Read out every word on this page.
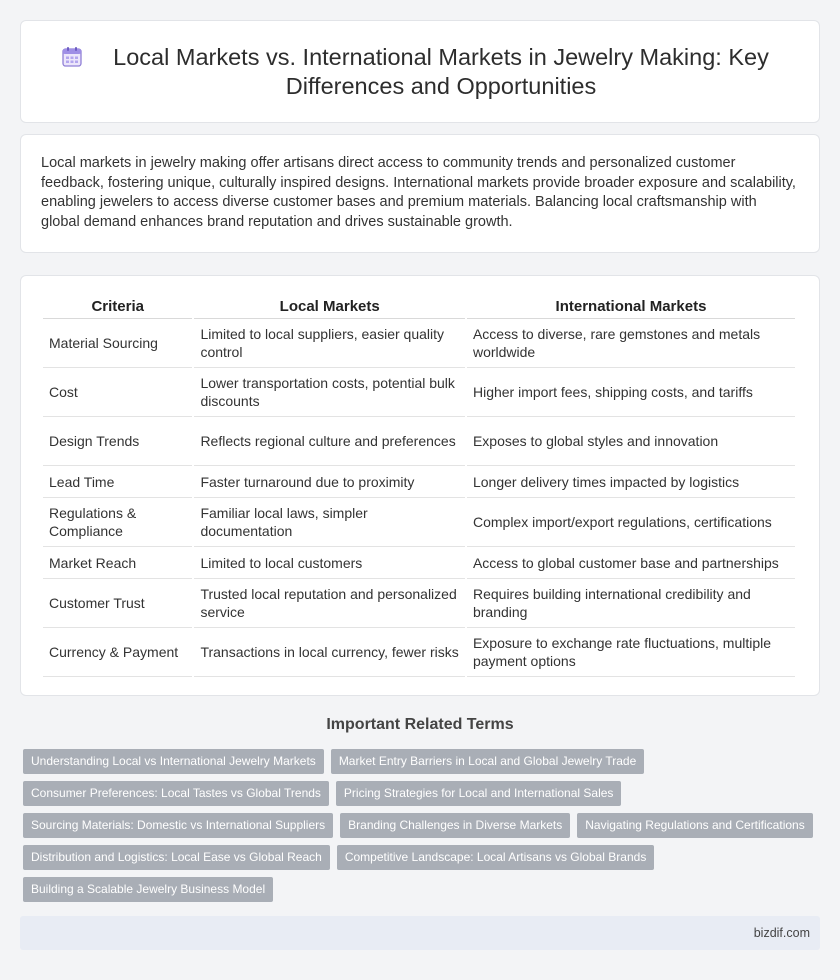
Local Markets vs. International Markets in Jewelry Making: Key Differences and Opportunities

Local markets in jewelry making offer artisans direct access to community trends and personalized customer feedback, fostering unique, culturally inspired designs. International markets provide broader exposure and scalability, enabling jewelers to access diverse customer bases and premium materials. Balancing local craftsmanship with global demand enhances brand reputation and drives sustainable growth.

Criteria	Local Markets	International Markets
Material Sourcing	Limited to local suppliers, easier quality control	Access to diverse, rare gemstones and metals worldwide
Cost	Lower transportation costs, potential bulk discounts	Higher import fees, shipping costs, and tariffs
Design Trends	Reflects regional culture and preferences	Exposes to global styles and innovation
Lead Time	Faster turnaround due to proximity	Longer delivery times impacted by logistics
Regulations & Compliance	Familiar local laws, simpler documentation	Complex import/export regulations, certifications
Market Reach	Limited to local customers	Access to global customer base and partnerships
Customer Trust	Trusted local reputation and personalized service	Requires building international credibility and branding
Currency & Payment	Transactions in local currency, fewer risks	Exposure to exchange rate fluctuations, multiple payment options
Important Related Terms
Understanding Local vs International Jewelry Markets	Market Entry Barriers in Local and Global Jewelry Trade
Consumer Preferences: Local Tastes vs Global Trends	Pricing Strategies for Local and International Sales
Sourcing Materials: Domestic vs International Suppliers	Branding Challenges in Diverse Markets	Navigating Regulations and Certifications
Distribution and Logistics: Local Ease vs Global Reach	Competitive Landscape: Local Artisans vs Global Brands
Building a Scalable Jewelry Business Model
bizdif.com
